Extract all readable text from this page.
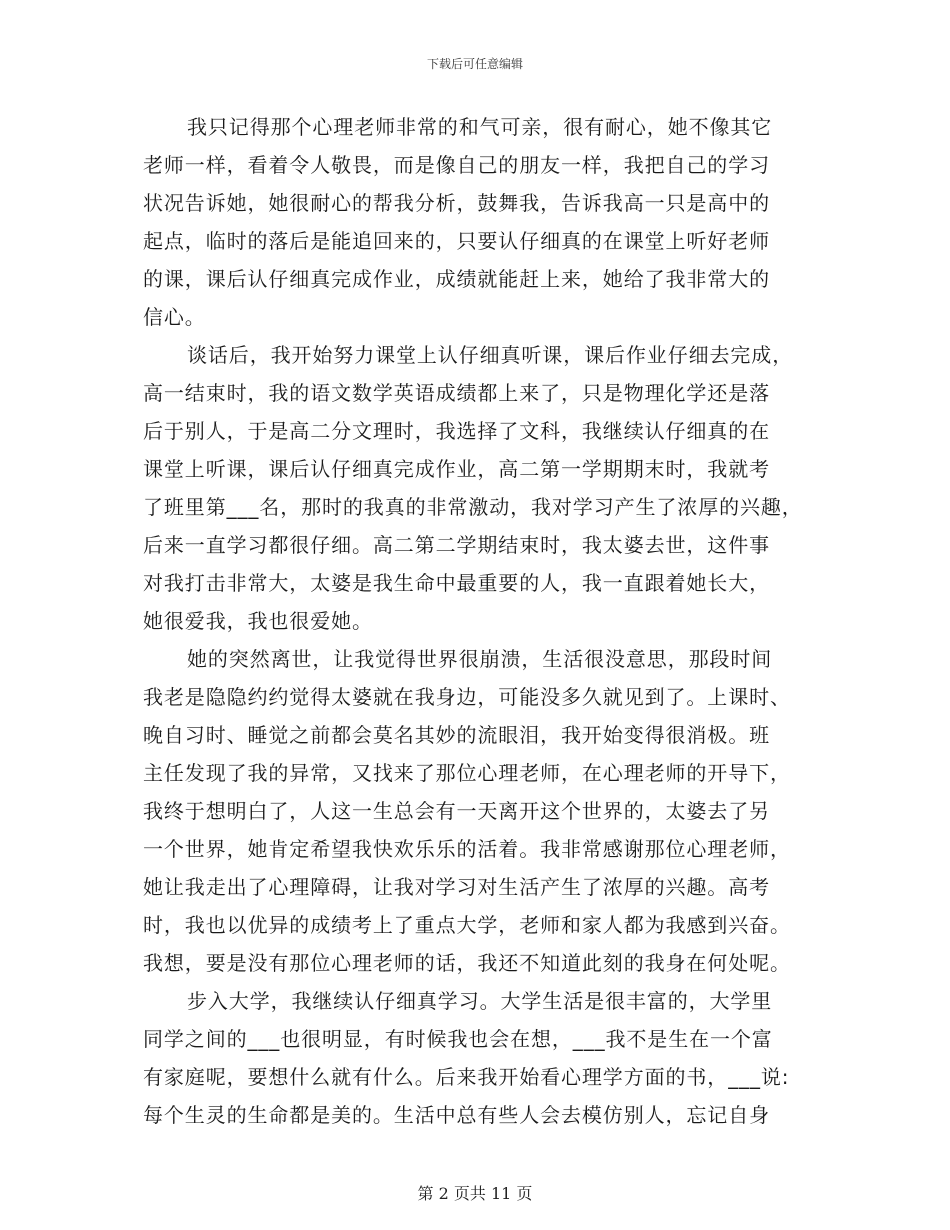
下载后可任意编辑
我只记得那个心理老师非常的和气可亲，很有耐心，她不像其它
老师一样，看着令人敬畏，而是像自己的朋友一样，我把自己的学习
状况告诉她，她很耐心的帮我分析，鼓舞我，告诉我高一只是高中的
起点，临时的落后是能追回来的，只要认仔细真的在课堂上听好老师
的课，课后认仔细真完成作业，成绩就能赶上来，她给了我非常大的
信心。
谈话后，我开始努力课堂上认仔细真听课，课后作业仔细去完成，
高一结束时，我的语文数学英语成绩都上来了，只是物理化学还是落
后于别人，于是高二分文理时，我选择了文科，我继续认仔细真的在
课堂上听课，课后认仔细真完成作业，高二第一学期期末时，我就考
了班里第___名，那时的我真的非常激动，我对学习产生了浓厚的兴趣，
后来一直学习都很仔细。高二第二学期结束时，我太婆去世，这件事
对我打击非常大，太婆是我生命中最重要的人，我一直跟着她长大，
她很爱我，我也很爱她。
她的突然离世，让我觉得世界很崩溃，生活很没意思，那段时间
我老是隐隐约约觉得太婆就在我身边，可能没多久就见到了。上课时、
晚自习时、睡觉之前都会莫名其妙的流眼泪，我开始变得很消极。班
主任发现了我的异常，又找来了那位心理老师，在心理老师的开导下，
我终于想明白了，人这一生总会有一天离开这个世界的，太婆去了另
一个世界，她肯定希望我快欢乐乐的活着。我非常感谢那位心理老师，
她让我走出了心理障碍，让我对学习对生活产生了浓厚的兴趣。高考
时，我也以优异的成绩考上了重点大学，老师和家人都为我感到兴奋。
我想，要是没有那位心理老师的话，我还不知道此刻的我身在何处呢。
步入大学，我继续认仔细真学习。大学生活是很丰富的，大学里
同学之间的___也很明显，有时候我也会在想，___我不是生在一个富
有家庭呢，要想什么就有什么。后来我开始看心理学方面的书，___说:
每个生灵的生命都是美的。生活中总有些人会去模仿别人，忘记自身
第 2 页共 11 页
